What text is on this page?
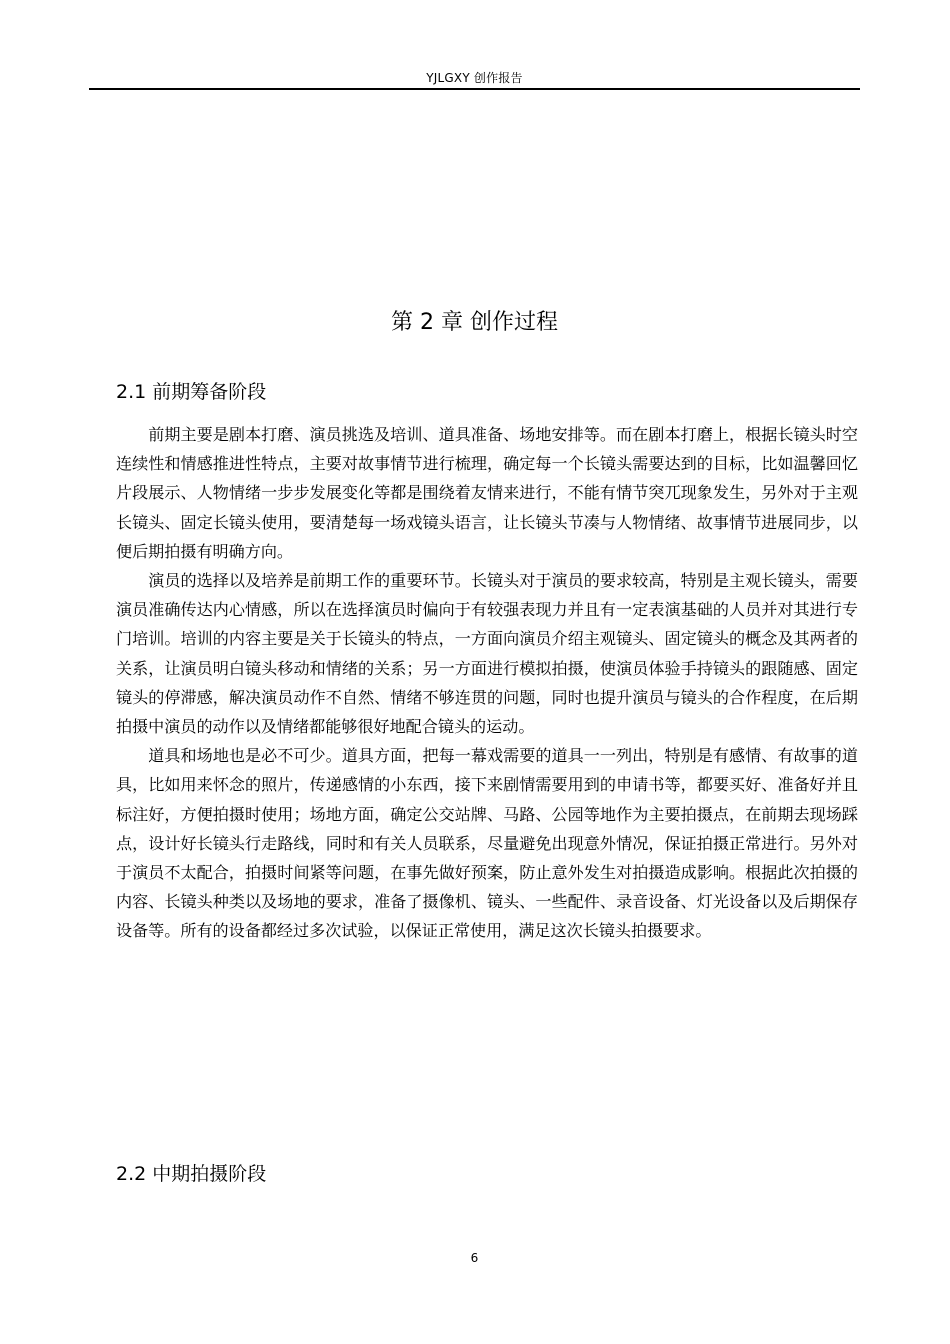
YJLGXY 创作报告
第 2 章 创作过程
2.1 前期筹备阶段

前期主要是剧本打磨、演员挑选及培训、道具准备、场地安排等。而在剧本打磨上，根据长镜头时空连续性和情感推进性特点，主要对故事情节进行梳理，确定每一个长镜头需要达到的目标，比如温馨回忆片段展示、人物情绪一步步发展变化等都是围绕着友情来进行，不能有情节突兀现象发生，另外对于主观长镜头、固定长镜头使用，要清楚每一场戏镜头语言，让长镜头节凑与人物情绪、故事情节进展同步，以便后期拍摄有明确方向。

演员的选择以及培养是前期工作的重要环节。长镜头对于演员的要求较高，特别是主观长镜头，需要演员准确传达内心情感，所以在选择演员时偏向于有较强表现力并且有一定表演基础的人员并对其进行专门培训。培训的内容主要是关于长镜头的特点，一方面向演员介绍主观镜头、固定镜头的概念及其两者的关系，让演员明白镜头移动和情绪的关系；另一方面进行模拟拍摄，使演员体验手持镜头的跟随感、固定镜头的停滞感，解决演员动作不自然、情绪不够连贯的问题，同时也提升演员与镜头的合作程度，在后期拍摄中演员的动作以及情绪都能够很好地配合镜头的运动。

道具和场地也是必不可少。道具方面，把每一幕戏需要的道具一一列出，特别是有感情、有故事的道具，比如用来怀念的照片，传递感情的小东西，接下来剧情需要用到的申请书等，都要买好、准备好并且标注好，方便拍摄时使用；场地方面，确定公交站牌、马路、公园等地作为主要拍摄点，在前期去现场踩点，设计好长镜头行走路线，同时和有关人员联系，尽量避免出现意外情况，保证拍摄正常进行。另外对于演员不太配合，拍摄时间紧等问题，在事先做好预案，防止意外发生对拍摄造成影响。根据此次拍摄的内容、长镜头种类以及场地的要求，准备了摄像机、镜头、一些配件、录音设备、灯光设备以及后期保存设备等。所有的设备都经过多次试验，以保证正常使用，满足这次长镜头拍摄要求。

2.2 中期拍摄阶段
6
